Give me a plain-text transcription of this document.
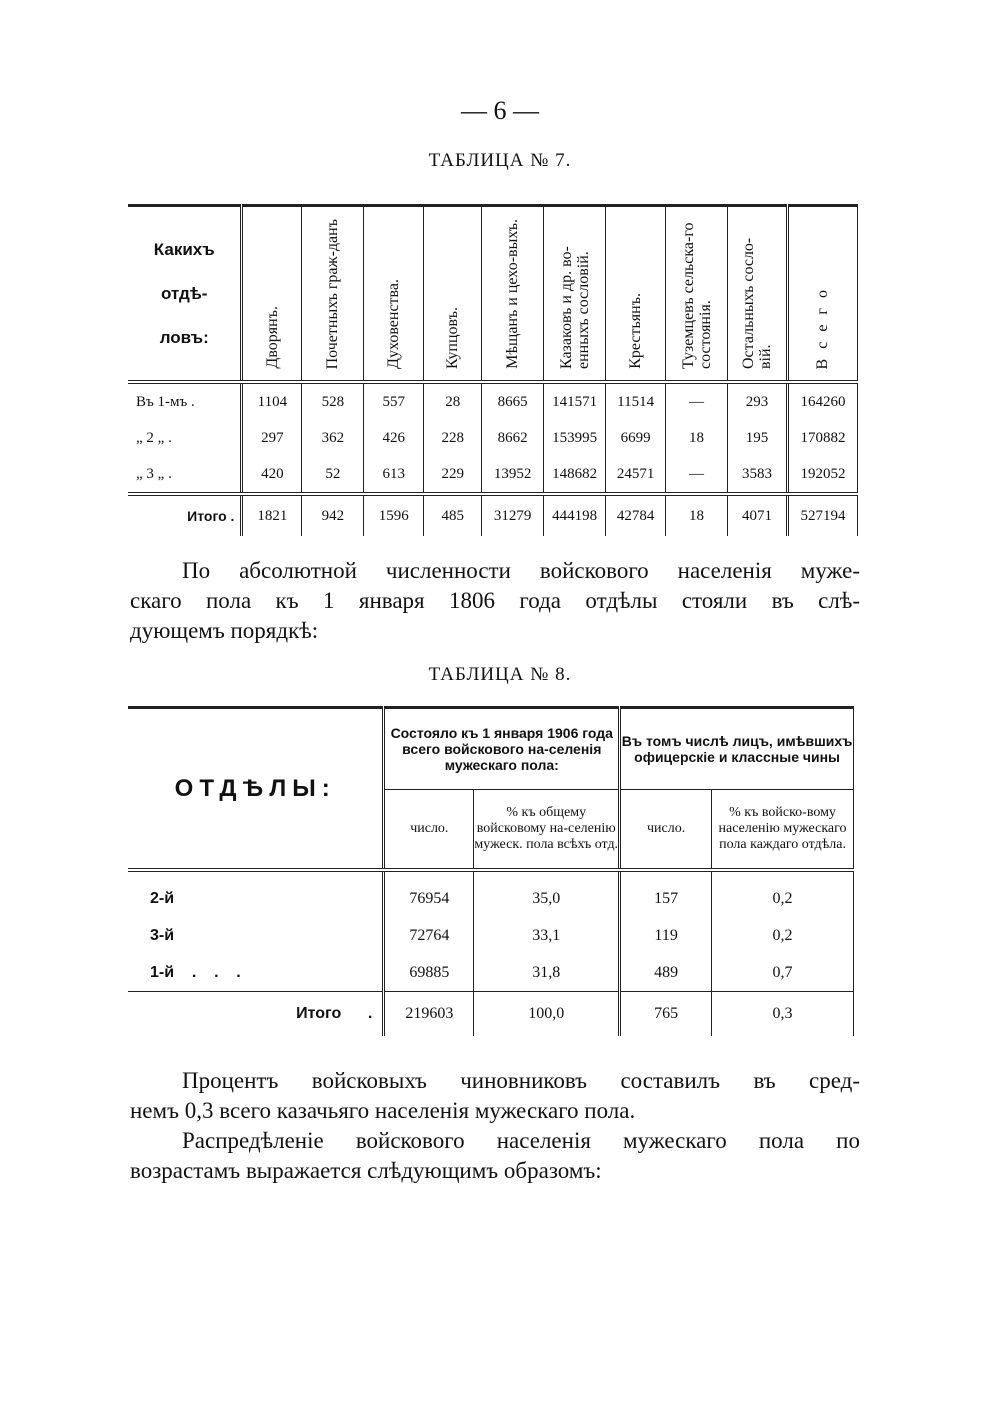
— 6 —
ТАБЛИЦА № 7.
Какихъ
отдѣ-
ловъ:	Дворянъ.	Почетныхъ граж-данъ	Духовенства.	Купцовъ.	Мѣщанъ и цехо-выхъ.	Казаковъ и др. во-енныхъ сословій.	Крестьянъ.	Туземцевъ сельска-го состоянія.	Остальныхъ сосло-вій.	В с е г о
Въ 1-мъ .	1104	528	557	28	8665	141571	11514	—	293	164260
„ 2 „ .	297	362	426	228	8662	153995	6699	18	195	170882
„ 3 „ .	420	52	613	229	13952	148682	24571	—	3583	192052
Итого .	1821	942	1596	485	31279	444198	42784	18	4071	527194
По абсолютной численности войскового населенія муже-
скаго пола къ 1 января 1806 года отдѣлы стояли въ слѣ-
дующемъ порядкѣ:
ТАБЛИЦА № 8.
ОТДѢЛЫ:	Состояло къ 1 января 1906 года всего войскового на-селенія мужескаго пола:		Въ томъ числѣ лицъ, имѣвшихъ офицерскіе и классные чины	
	число.	% къ общему войсковому на-селенію мужеск. пола всѣхъ отд.	число.	% къ войско-вому населенію мужескаго пола каждаго отдѣла.
2-й	76954	35,0	157	0,2
3-й	72764	33,1	119	0,2
1-й    .    .    .	69885	31,8	489	0,7
Итого      .	219603	100,0	765	0,3
Процентъ войсковыхъ чиновниковъ составилъ въ сред-
немъ 0,3 всего казачьяго населенія мужескаго пола.
Распредѣленіе войскового населенія мужескаго пола по
возрастамъ выражается слѣдующимъ образомъ:
